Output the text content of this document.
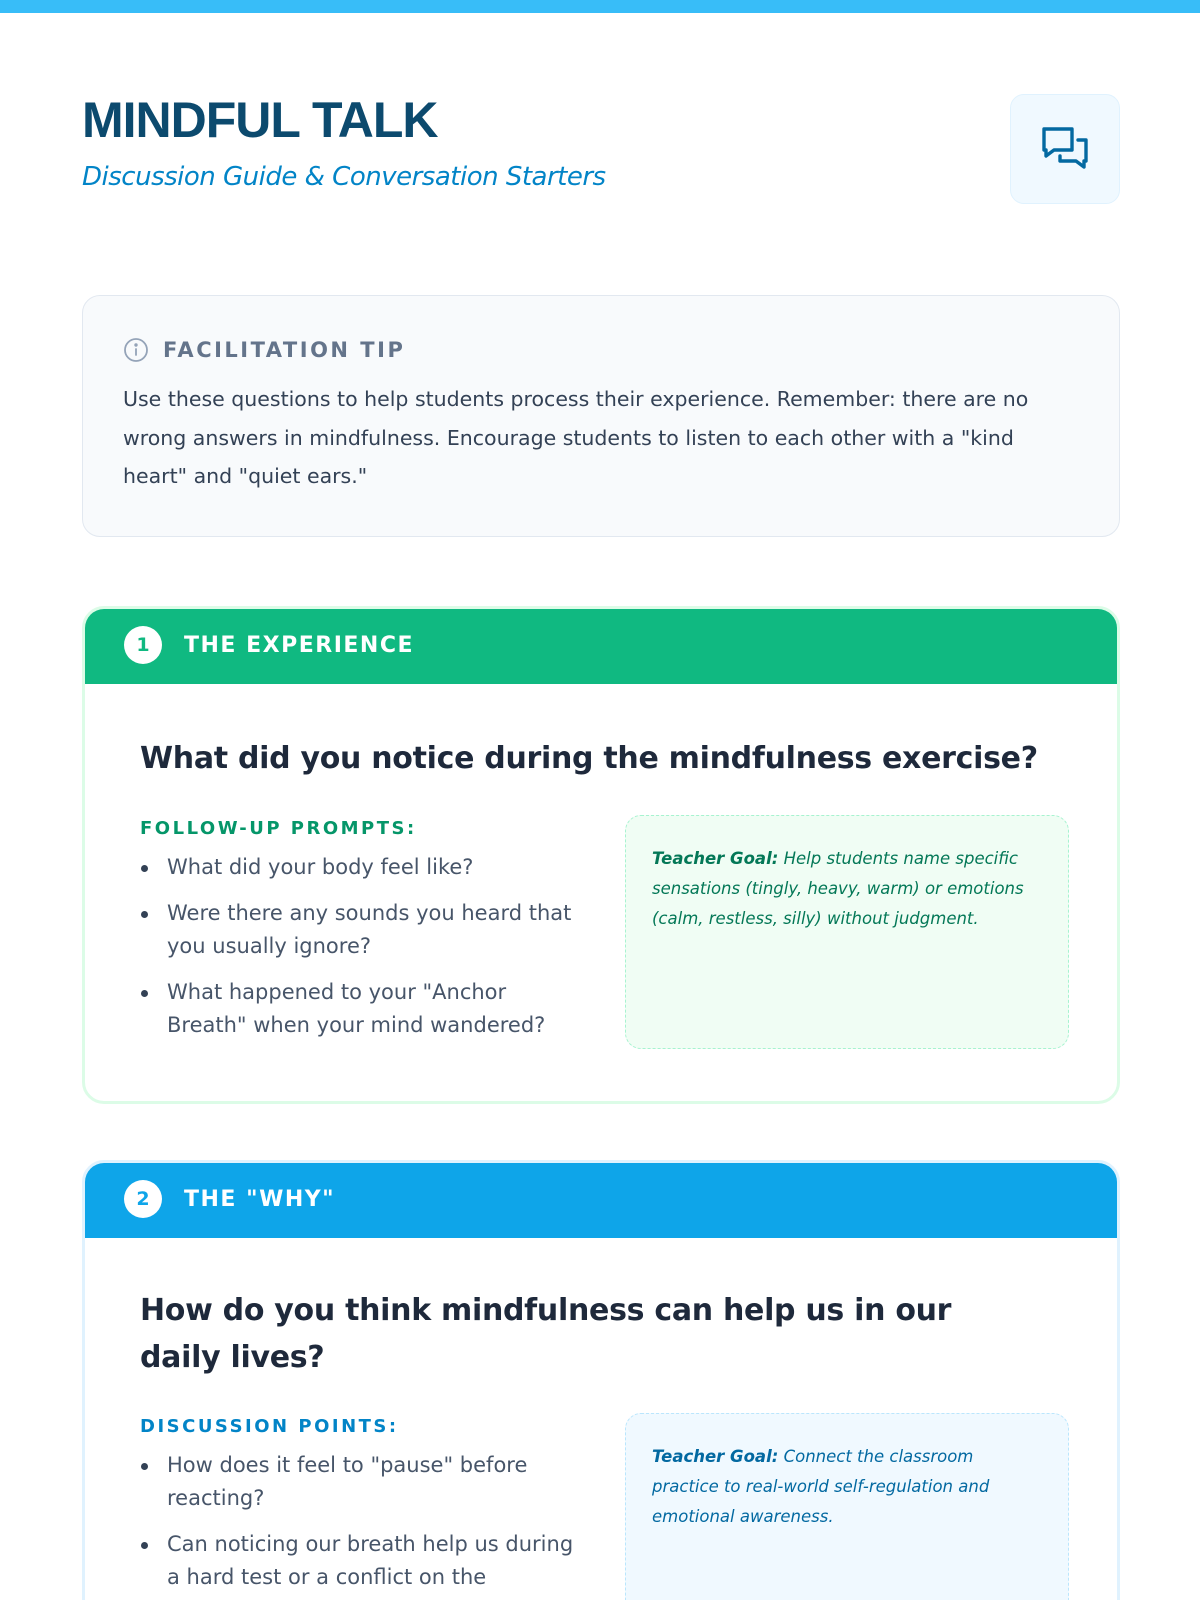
MINDFUL TALK
Discussion Guide & Conversation Starters
FACILITATION TIP
Use these questions to help students process their experience. Remember: there are no wrong answers in mindfulness. Encourage students to listen to each other with a "kind heart" and "quiet ears."
1	THE EXPERIENCE
What did you notice during the mindfulness exercise?
FOLLOW-UP PROMPTS:
What did your body feel like?
Were there any sounds you heard that you usually ignore?
What happened to your "Anchor Breath" when your mind wandered?
Teacher Goal: Help students name specific sensations (tingly, heavy, warm) or emotions (calm, restless, silly) without judgment.
2	THE "WHY"
How do you think mindfulness can help us in our daily lives?
DISCUSSION POINTS:
How does it feel to "pause" before reacting?
Can noticing our breath help us during a hard test or a conflict on the
Teacher Goal: Connect the classroom practice to real-world self-regulation and emotional awareness.
